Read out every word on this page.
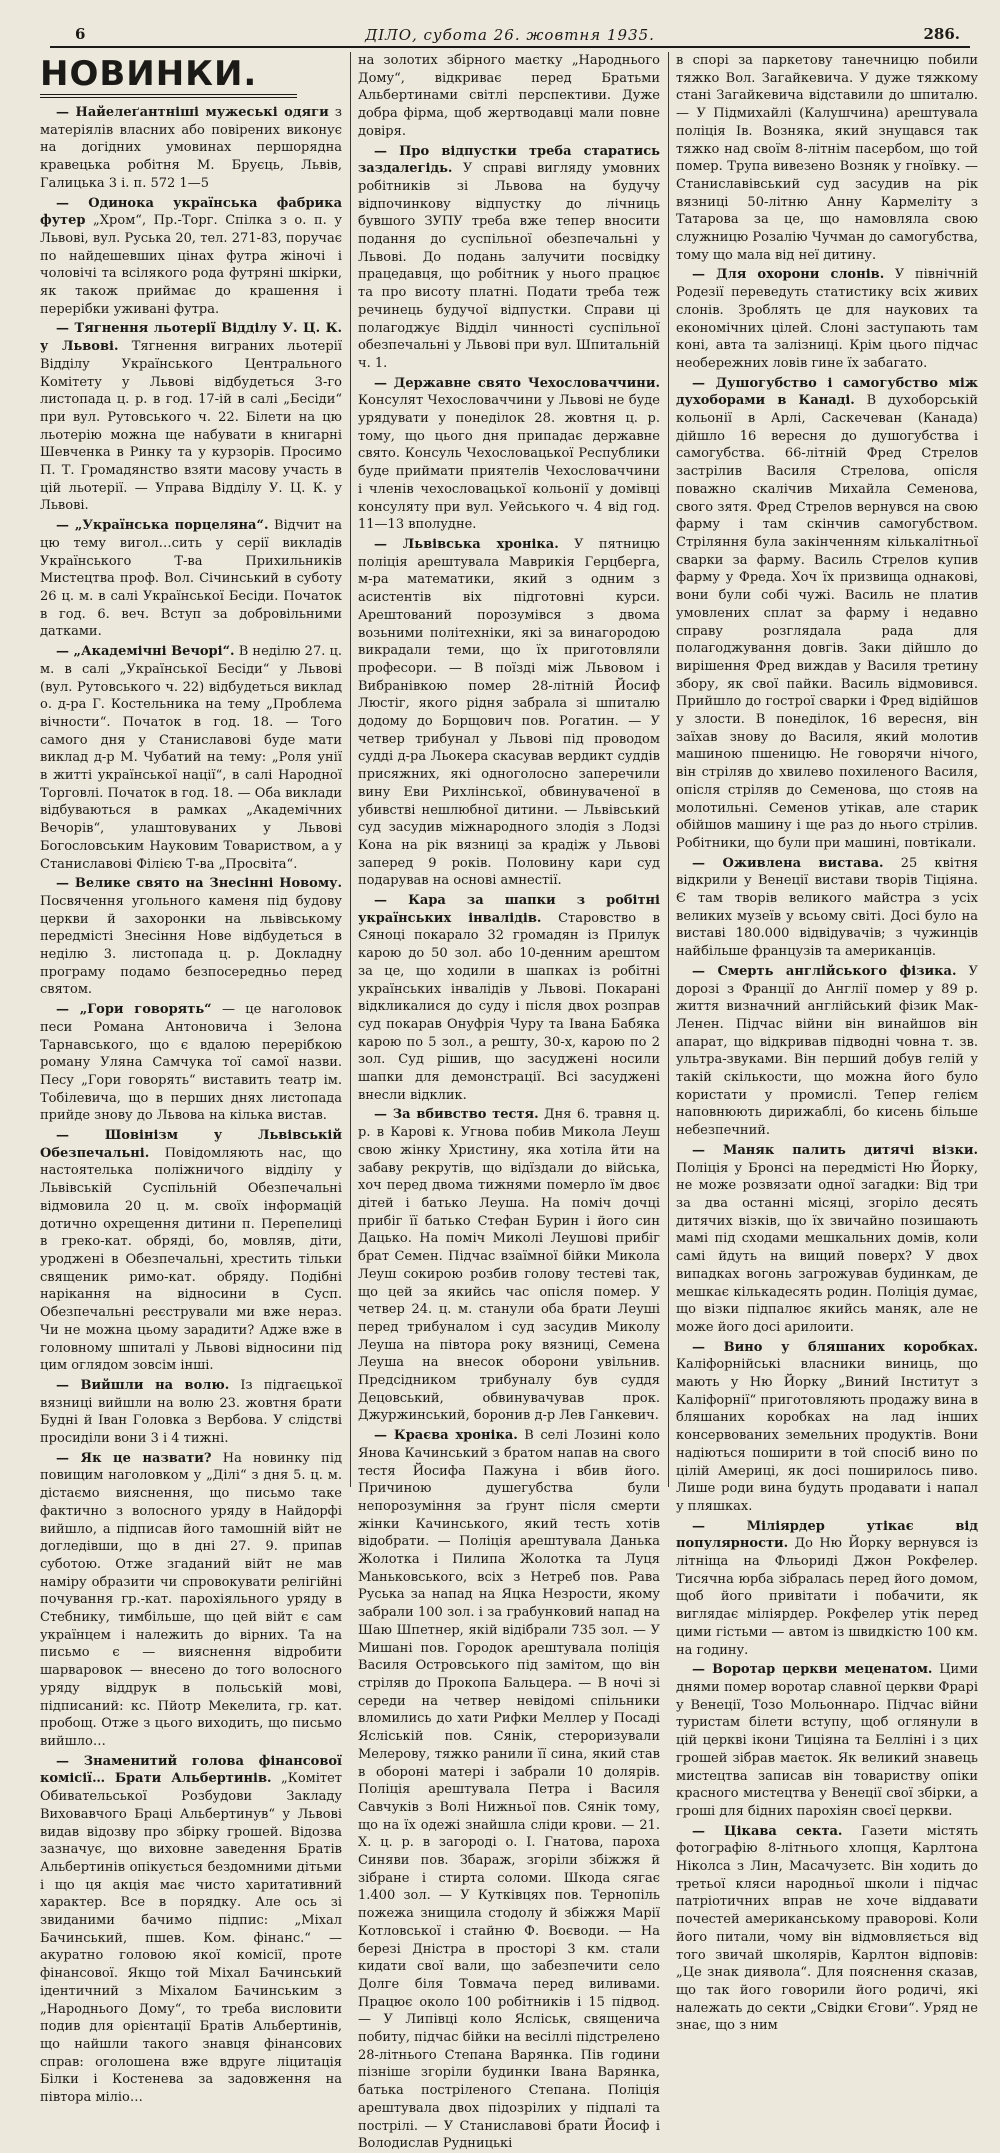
6	ДІЛО, субота 26. жовтня 1935.	286.
НОВИНКИ.

— Найелеґантніші мужеські одяги з матеріялів власних або повірених виконує на догідних умовинах першорядна кравецька робітня М. Бруєць, Львів, Галицька 3 і. п. 572 1—5

— Одинока українська фабрика футер „Хром“, Пр.-Торг. Спілка з о. п. у Львові, вул. Руська 20, тел. 271-83, поручає по найдешевших цінах футра жіночі і чоловічі та всілякого рода футряні шкірки, як також приймає до крашення і перерібки уживані футра.

— Тягнення льотерії Відділу У. Ц. К. у Львові. Тягнення виграних льотерії Відділу Українського Центрального Комітету у Львові відбудеться 3-го листопада ц. р. в год. 17-ій в салі „Бесіди“ при вул. Рутовського ч. 22. Білети на цю льотерію можна ще набувати в книгарні Шевченка в Ринку та у курзорів. Просимо П. Т. Громадянство взяти масову участь в цій льотерії. — Управа Відділу У. Ц. К. у Львові.

— „Українська порцеляна“. Відчит на цю тему вигол…сить у серії викладів Українського Т-ва Прихильників Мистецтва проф. Вол. Січинський в суботу 26 ц. м. в салі Української Бесіди. Початок в год. 6. веч. Вступ за добровільними датками.

— „Академічні Вечорі“. В неділю 27. ц. м. в салі „Української Бесіди“ у Львові (вул. Рутовського ч. 22) відбудеться виклад о. д-ра Г. Костельника на тему „Проблема вічности“. Початок в год. 18. — Того самого дня у Станиславові буде мати виклад д-р М. Чубатий на тему: „Роля унії в житті української нації“, в салі Народної Торговлі. Початок в год. 18. — Оба виклади відбуваються в рамках „Академічних Вечорів“, улаштовуваних у Львові Богословським Науковим Товариством, а у Станиславові Філією Т-ва „Просвіта“.

— Велике свято на Знесінні Новому. Посвячення угольного каменя під будову церкви й захоронки на львівському передмісті Знесіння Нове відбудеться в неділю 3. листопада ц. р. Докладну програму подамо безпосередньо перед святом.

— „Гори говорять“ — це наголовок песи Романа Антоновича і Зелона Тарнавського, що є вдалою перерібкою роману Уляна Самчука тої самої назви. Песу „Гори говорять“ виставить театр ім. Тобілевича, що в перших днях листопада прийде знову до Львова на кілька вистав.

— Шовінізм у Львівській Обезпечальні. Повідомляють нас, що настоятелька поліжничого відділу у Львівській Суспільній Обезпечальні відмовила 20 ц. м. своїх інформацій дотично охрещення дитини п. Перепелиці в греко-кат. обряді, бо, мовляв, діти, уроджені в Обезпечальні, хрестить тільки священик римо-кат. обряду. Подібні нарікання на відносини в Сусп. Обезпечальні реєстрували ми вже нераз. Чи не можна цьому зарадити? Адже вже в головному шпиталі у Львові відносини під цим оглядом зовсім інші.

— Вийшли на волю. Із підгаєцької вязниці вийшли на волю 23. жовтня брати Будні й Іван Головка з Вербова. У слідстві просиділи вони 3 і 4 тижні.

— Як це назвати? На новинку під повищим наголовком у „Ділі“ з дня 5. ц. м. дістаємо вияснення, що письмо таке фактично з волосного уряду в Найдорфі вийшло, а підписав його тамошній війт не догледівши, що в дні 27. 9. припав суботою. Отже згаданий війт не мав наміру образити чи спровокувати релігійні почування гр.-кат. парохіяльного уряду в Стебнику, тимбільше, що цей війт є сам українцем і належить до вірних. Та на письмо є — вияснення відробити шарваровок — внесено до того волосного уряду віддрук в польській мові, підписаний: кс. Пйотр Мекелита, гр. кат. пробощ. Отже з цього виходить, що письмо вийшло…

— Знаменитий голова фінансової комісії… Брати Альбертинів. „Комітет Обивательської Розбудови Закладу Виховавчого Браці Альбертинув“ у Львові видав відозву про збірку грошей. Відозва зазначує, що виховне заведення Братів Альбертинів опікується бездомними дітьми і що ця акція має чисто харитативний характер. Все в порядку. Але ось зі звиданими бачимо підпис: „Міхал Бачинський, пшев. Ком. фінанс.“ — акуратно головою якої комісії, проте фінансової. Якщо той Міхал Бачинський ідентичний з Міхалом Бачинським з „Народнього Дому“, то треба висловити подив для орієнтації Братів Альбертинів, що найшли такого знавця фінансових справ: оголошена вже вдруге ліцитація Білки і Костенева за задовження на півтора міліо…

на золотих збірного маєтку „Народнього Дому“, відкриває перед Братьми Альбертинами світлі перспективи. Дуже добра фірма, щоб жертводавці мали повне довіря.

— Про відпустки треба старатись заздалегідь. У справі вигляду умовних робітників зі Львова на будучу відпочинкову відпустку до лічниць бувшого ЗУПУ треба вже тепер вносити подання до суспільної обезпечальні у Львові. До подань залучити посвідку працедавця, що робітник у нього працює та про висоту платні. Подати треба теж речинець будучої відпустки. Справи ці полагоджує Відділ чинності суспільної обезпечальні у Львові при вул. Шпитальній ч. 1.

— Державне свято Чехословаччини. Консулят Чехословаччини у Львові не буде урядувати у понеділок 28. жовтня ц. р. тому, що цього дня припадає державне свято. Консуль Чехословацької Республики буде приймати приятелів Чехословаччини і членів чехословацької кольонії у домівці консуляту при вул. Уейського ч. 4 від год. 11—13 вполудне.

— Львівська хроніка. У пятницю поліція арештувала Маврикія Герцберга, м-ра математики, який з одним з асистентів віх підготовні курси. Арештований порозумівся з двома возьними політехніки, які за винагородою викрадали теми, що їх приготовляли професори. — В поїзді між Львовом і Вибранівкою помер 28-літній Йосиф Люстіг, якого рідня забрала зі шпиталю додому до Борщович пов. Рогатин. — У четвер трибунал у Львові під проводом судді д-ра Льокера скасував вердикт суддів присяжних, які одноголосно заперечили вину Еви Рихлінської, обвинуваченої в убивстві нешлюбної дитини. — Львівський суд засудив міжнародного злодія з Лодзі Кона на рік вязниці за крадіж у Львові заперед 9 років. Половину кари суд подарував на основі амнестії.

— Кара за шапки з робітні українських інвалідів. Старовство в Сяноці покарало 32 громадян із Прилук карою до 50 зол. або 10-денним арештом за це, що ходили в шапках із робітні українських інвалідів у Львові. Покарані відкликалися до суду і після двох розправ суд покарав Онуфрія Чуру та Івана Бабяка карою по 5 зол., а решту, 30-х, карою по 2 зол. Суд рішив, що засуджені носили шапки для демонстрації. Всі засуджені внесли відклик.

— За вбивство тестя. Дня 6. травня ц. р. в Карові к. Угнова побив Микола Леуш свою жінку Христину, яка хотіла йти на забаву рекрутів, що відїздали до війська, хоч перед двома тижнями померло їм двоє дітей і батько Леуша. На поміч дочці прибіг її батько Стефан Бурин і його син Дацько. На поміч Миколі Леушові прибіг брат Семен. Підчас взаїмної бійки Микола Леуш сокирою розбив голову тестеві так, що цей за якийсь час опісля помер. У четвер 24. ц. м. станули оба брати Леуші перед трибуналом і суд засудив Миколу Леуша на півтора року вязниці, Семена Леуша на внесок оборони увільнив. Предсідником трибуналу був суддя Децовський, обвинувачував прок. Джуржинський, боронив д-р Лев Ганкевич.

— Краєва хроніка. В селі Лозині коло Янова Качинський з братом напав на свого тестя Йосифа Пажуна і вбив його. Причиною душегубства були непорозуміння за ґрунт після смерти жінки Качинського, який тесть хотів відобрати. — Поліція арештувала Данька Жолотка і Пилипа Жолотка та Луця Маньковського, всіх з Нетреб пов. Рава Руська за напад на Яцка Незрости, якому забрали 100 зол. і за грабунковий напад на Шаю Шпетнер, якій відібрали 735 зол. — У Мишані пов. Городок арештувала поліція Василя Островського під замітом, що він стріляв до Прокопа Бальцера. — В ночі зі середи на четвер невідомі спільники вломились до хати Рифки Меллер у Посаді Ясліській пов. Сянік, стероризували Мелерову, тяжко ранили її сина, який став в обороні матері і забрали 10 долярів. Поліція арештувала Петра і Василя Савчуків з Волі Нижньої пов. Сянік тому, що на їх одежі знайшла сліди крови. — 21. X. ц. р. в загороді о. І. Гнатова, пароха Синяви пов. Збараж, згоріли збіжжя й зібране і стирта соломи. Шкода сягає 1.400 зол. — У Кутківцях пов. Тернопіль пожежа знищила стодолу й збіжжя Марії Котловської і стайню Ф. Воєводи. — На березі Дністра в просторі 3 км. стали кидати свої вали, що забезпечити село Долге біля Товмача перед виливами. Працює около 100 робітників і 15 підвод. — У Липівці коло Ясліськ, священича побиту, підчас бійки на весіллі підстрелено 28-літнього Степана Варянка. Пів години пізніше згоріли будинки Івана Варянка, батька постріленого Степана. Поліція арештувала двох підозрілих у підпалі та пострілі. — У Станиславові брати Йосиф і Володислав Рудницькі

в спорі за паркетову танечницю побили тяжко Вол. Загайкевича. У дуже тяжкому стані Загайкевича відставили до шпиталю. — У Підмихайлі (Калушчина) арештувала поліція Ів. Возняка, який знущався так тяжко над своїм 8-літнім пасербом, що той помер. Трупа вивезено Возняк у гноївку. — Станиславівський суд засудив на рік вязниці 50-літню Анну Кармеліту з Татарова за це, що намовляла свою служницю Розалію Чучман до самогубства, тому що мала від неї дитину.

— Для охорони слонів. У північній Родезії переведуть статистику всіх живих слонів. Зроблять це для наукових та економічних цілей. Слоні заступають там коні, авта та залізниці. Крім цього підчас необережних ловів гине їх забагато.

— Душогубство і самогубство між духоборами в Канаді. В духоборській кольонії в Арлі, Саскечеван (Канада) дійшло 16 вересня до душогубства і самогубства. 66-літній Фред Стрелов застрілив Василя Стрелова, опісля поважно скалічив Михайла Семенова, свого зятя. Фред Стрелов вернувся на свою фарму і там скінчив самогубством. Стріляння була закінченням кількалітньої сварки за фарму. Василь Стрелов купив фарму у Фреда. Хоч їх призвища однакові, вони були собі чужі. Василь не платив умовлених сплат за фарму і недавно справу розглядала рада для полагоджування довгів. Заки дійшло до вирішення Фред виждав у Василя третину збору, як свої пайки. Василь відмовився. Прийшло до гострої сварки і Фред відійшов у злости. В понеділок, 16 вересня, він заїхав знову до Василя, який молотив машиною пшеницю. Не говорячи нічого, він стріляв до хвилево похиленого Василя, опісля стріляв до Семенова, що стояв на молотильні. Семенов утікав, але старик обійшов машину і ще раз до нього стрілив. Робітники, що були при машині, повтікали.

— Оживлена вистава. 25 квітня відкрили у Венеції вистави творів Тіціяна. Є там творів великого майстра з усіх великих музеїв у всьому світі. Досі було на виставі 180.000 відвідувачів; з чужинців найбільше французів та американців.

— Смерть англійського фізика. У дорозі з Франції до Англії помер у 89 р. життя визначний англійський фізик Мак-Ленен. Підчас війни він винайшов він апарат, що відкривав підводні човна т. зв. ультра-звуками. Він перший добув гелій у такій скількости, що можна його було користати у промислі. Тепер гелієм наповнюють дирижаблі, бо кисень більше небезпечний.

— Маняк палить дитячі візки. Поліція у Бронсі на передмісті Ню Йорку, не може розвязати одної загадки: Від три за два останні місяці, згоріло десять дитячих візків, що їх звичайно позишають мамі під сходами мешкальних домів, коли самі йдуть на вищий поверх? У двох випадках вогонь загрожував будинкам, де мешкає кількадесять родин. Поліція думає, що візки підпалює якийсь маняк, але не може його досі арилоити.

— Вино у бляшаних коробках. Каліфорнійські власники виниць, що мають у Ню Йорку „Виний Інститут з Каліфорнії“ приготовляють продажу вина в бляшаних коробках на лад інших консервованих земельних продуктів. Вони надіються поширити в той спосіб вино по цілій Америці, як досі поширилось пиво. Лише роди вина будуть продавати і напал у пляшках.

— Міліярдер утікає від популярности. До Ню Йорку вернувся із літніща на Фльориді Джон Рокфелер. Тисячна юрба зібралась перед його домом, щоб його привітати і побачити, як виглядає міліярдер. Рокфелер утік перед цими гістьми — автом із швидкістю 100 км. на годину.

— Воротар церкви меценатом. Цими днями помер воротар славної церкви Фрарі у Венеції, Тозо Мольоннаро. Підчас війни туристам білети вступу, щоб оглянули в цій церкві ікони Тиціяна та Белліні і з цих грошей зібрав маєток. Як великий знавець мистецтва записав він товариству опіки красного мистецтва у Венеції свої збірки, а гроші для бідних парохіян своєї церкви.

— Цікава секта. Газети містять фотографію 8-літнього хлопця, Карлтона Ніколса з Лин, Масачузетс. Він ходить до третьої кляси народньої школи і підчас патріотичних вправ не хоче віддавати почестей американському праворові. Коли його питали, чому він відмовляється від того звичай школярів, Карлтон відповів: „Це знак диявола“. Для пояснення сказав, що так його говорили його родичі, які належать до секти „Свідки Єгови“. Уряд не знає, що з ним
